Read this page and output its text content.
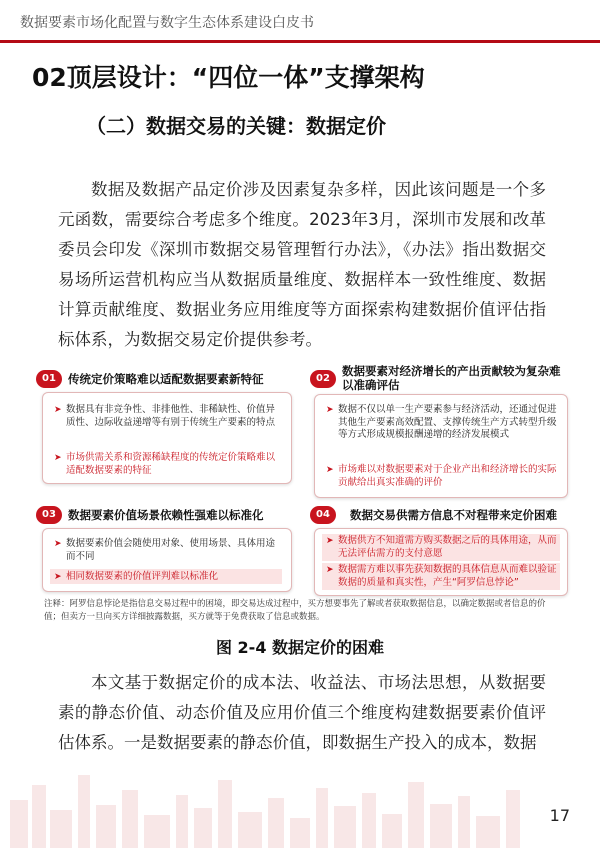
数据要素市场化配置与数字生态体系建设白皮书
02顶层设计：“四位一体”支撑架构
（二）数据交易的关键：数据定价
数据及数据产品定价涉及因素复杂多样，因此该问题是一个多元函数，需要综合考虑多个维度。2023年3月，深圳市发展和改革委员会印发《深圳市数据交易管理暂行办法》，《办法》指出数据交易场所运营机构应当从数据质量维度、数据样本一致性维度、数据计算贡献维度、数据业务应用维度等方面探索构建数据价值评估指标体系，为数据交易定价提供参考。
01	传统定价策略难以适配数据要素新特征
➤ 数据具有非竞争性、非排他性、非稀缺性、价值异质性、边际收益递增等有别于传统生产要素的特点
➤ 市场供需关系和资源稀缺程度的传统定价策略难以适配数据要素的特征
02
数据要素对经济增长的产出贡献较为复杂难以准确评估
➤ 数据不仅以单一生产要素参与经济活动，还通过促进其他生产要素高效配置、支撑传统生产方式转型升级等方式形成规模报酬递增的经济发展模式
➤ 市场难以对数据要素对于企业产出和经济增长的实际贡献给出真实准确的评价
03	数据要素价值场景依赖性强难以标准化
➤ 数据要素价值会随使用对象、使用场景、具体用途而不同
➤ 相同数据要素的价值评判难以标准化
04	数据交易供需方信息不对程带来定价困难
➤ 数据供方不知道需方购买数据之后的具体用途，从而无法评估需方的支付意愿
➤ 数据需方难以事先获知数据的具体信息从而难以验证数据的质量和真实性，产生“阿罗信息悖论”
注释：阿罗信息悖论是指信息交易过程中的困境，即交易达成过程中，买方想要事先了解或者获取数据信息，以确定数据或者信息的价值；但卖方一旦向买方详细披露数据，买方就等于免费获取了信息或数据。
图 2-4 数据定价的困难
本文基于数据定价的成本法、收益法、市场法思想，从数据要素的静态价值、动态价值及应用价值三个维度构建数据要素价值评估体系。一是数据要素的静态价值，即数据生产投入的成本，数据
17
